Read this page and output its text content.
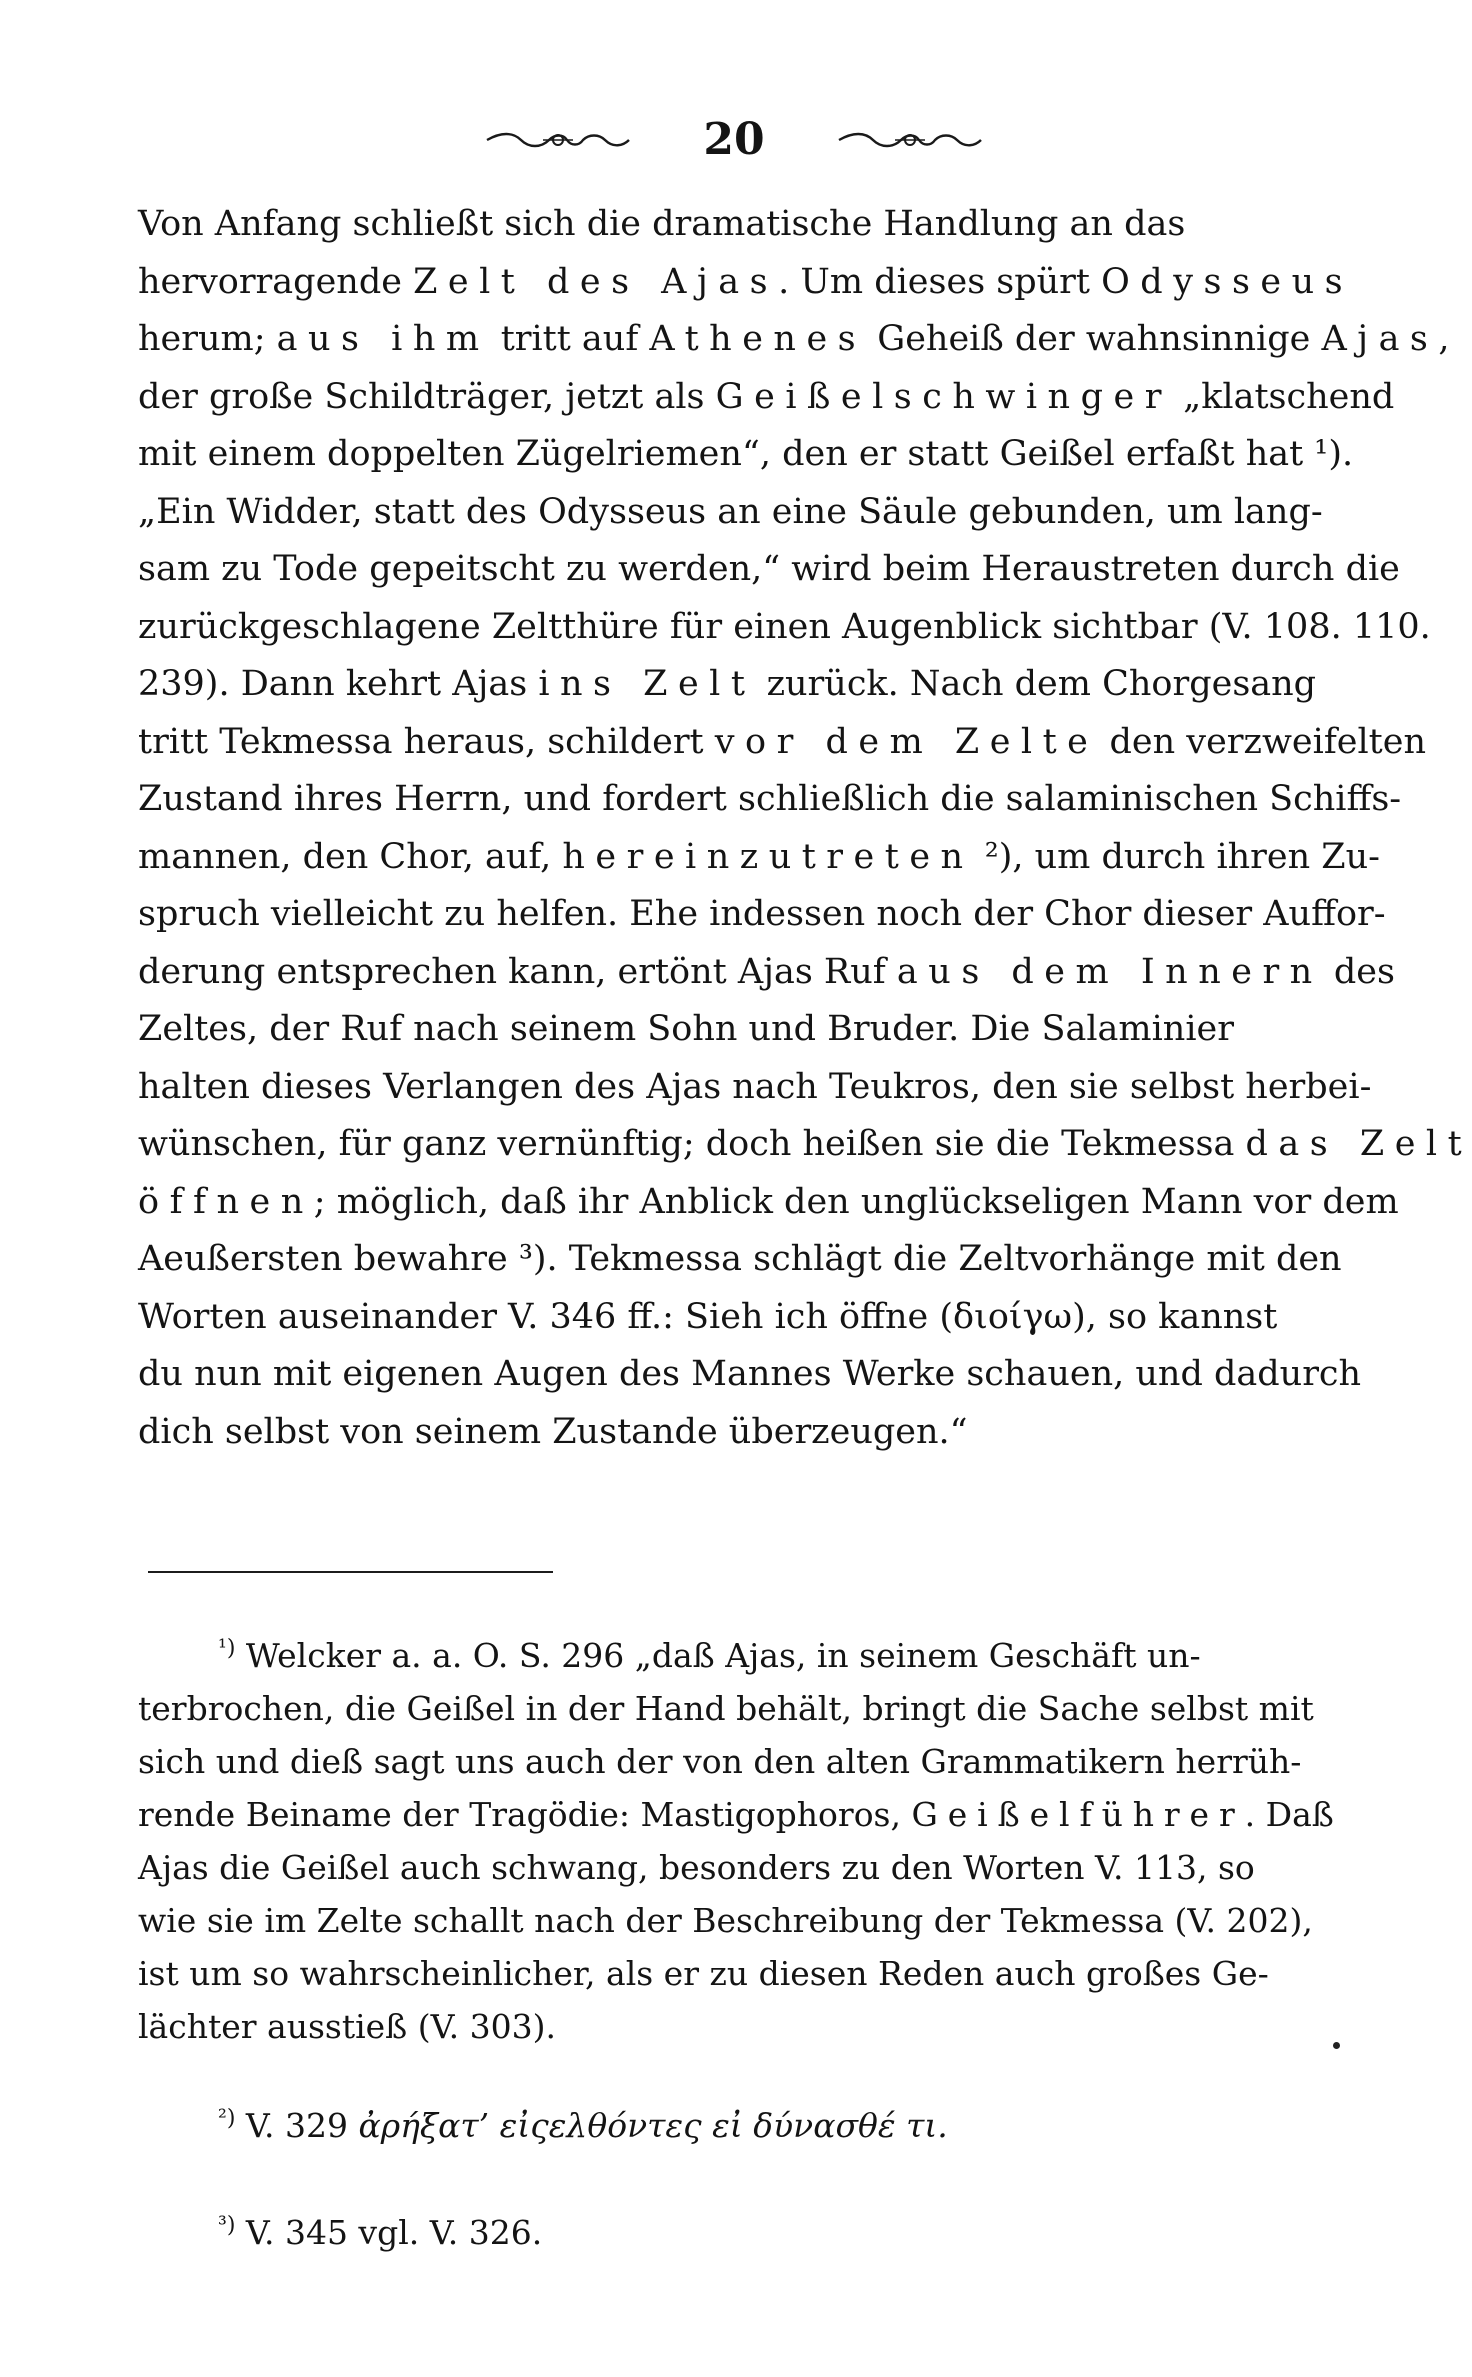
20
Von Anfang schließt sich die dramatische Handlung an das
hervorragende Zelt des Ajas. Um dieses spürt Odysseus
herum; aus ihm tritt auf Athenes Geheiß der wahnsinnige Ajas,
der große Schildträger, jetzt als Geißelschwinger „klatschend
mit einem doppelten Zügelriemen“, den er statt Geißel erfaßt hat ¹).
„Ein Widder, statt des Odysseus an eine Säule gebunden, um lang-
sam zu Tode gepeitscht zu werden,“ wird beim Heraustreten durch die
zurückgeschlagene Zeltthüre für einen Augenblick sichtbar (V. 108. 110.
239). Dann kehrt Ajas ins Zelt zurück. Nach dem Chorgesang
tritt Tekmessa heraus, schildert vor dem Zelte den verzweifelten
Zustand ihres Herrn, und fordert schließlich die salaminischen Schiffs-
mannen, den Chor, auf, hereinzutreten ²), um durch ihren Zu-
spruch vielleicht zu helfen. Ehe indessen noch der Chor dieser Auffor-
derung entsprechen kann, ertönt Ajas Ruf aus dem Innern des
Zeltes, der Ruf nach seinem Sohn und Bruder. Die Salaminier
halten dieses Verlangen des Ajas nach Teukros, den sie selbst herbei-
wünschen, für ganz vernünftig; doch heißen sie die Tekmessa das Zelt
öffnen; möglich, daß ihr Anblick den unglückseligen Mann vor dem
Aeußersten bewahre ³). Tekmessa schlägt die Zeltvorhänge mit den
Worten auseinander V. 346 ff.: Sieh ich öffne (διοίγω), so kannst
du nun mit eigenen Augen des Mannes Werke schauen, und dadurch
dich selbst von seinem Zustande überzeugen.“
$^{^1)}$ Welcker a. a. O. S. 296 „daß Ajas, in seinem Geschäft un-
terbrochen, die Geißel in der Hand behält, bringt die Sache selbst mit
sich und dieß sagt uns auch der von den alten Grammatikern herrüh-
rende Beiname der Tragödie: Mastigophoros, Geißelführer. Daß
Ajas die Geißel auch schwang, besonders zu den Worten V. 113, so
wie sie im Zelte schallt nach der Beschreibung der Tekmessa (V. 202),
ist um so wahrscheinlicher, als er zu diesen Reden auch großes Ge-
lächter ausstieß (V. 303).
$^{^2)}$ V. 329 ἀρήξατ’ εἰςελθόντες εἰ δύνασθέ τι.
$^{^3)}$ V. 345 vgl. V. 326.
